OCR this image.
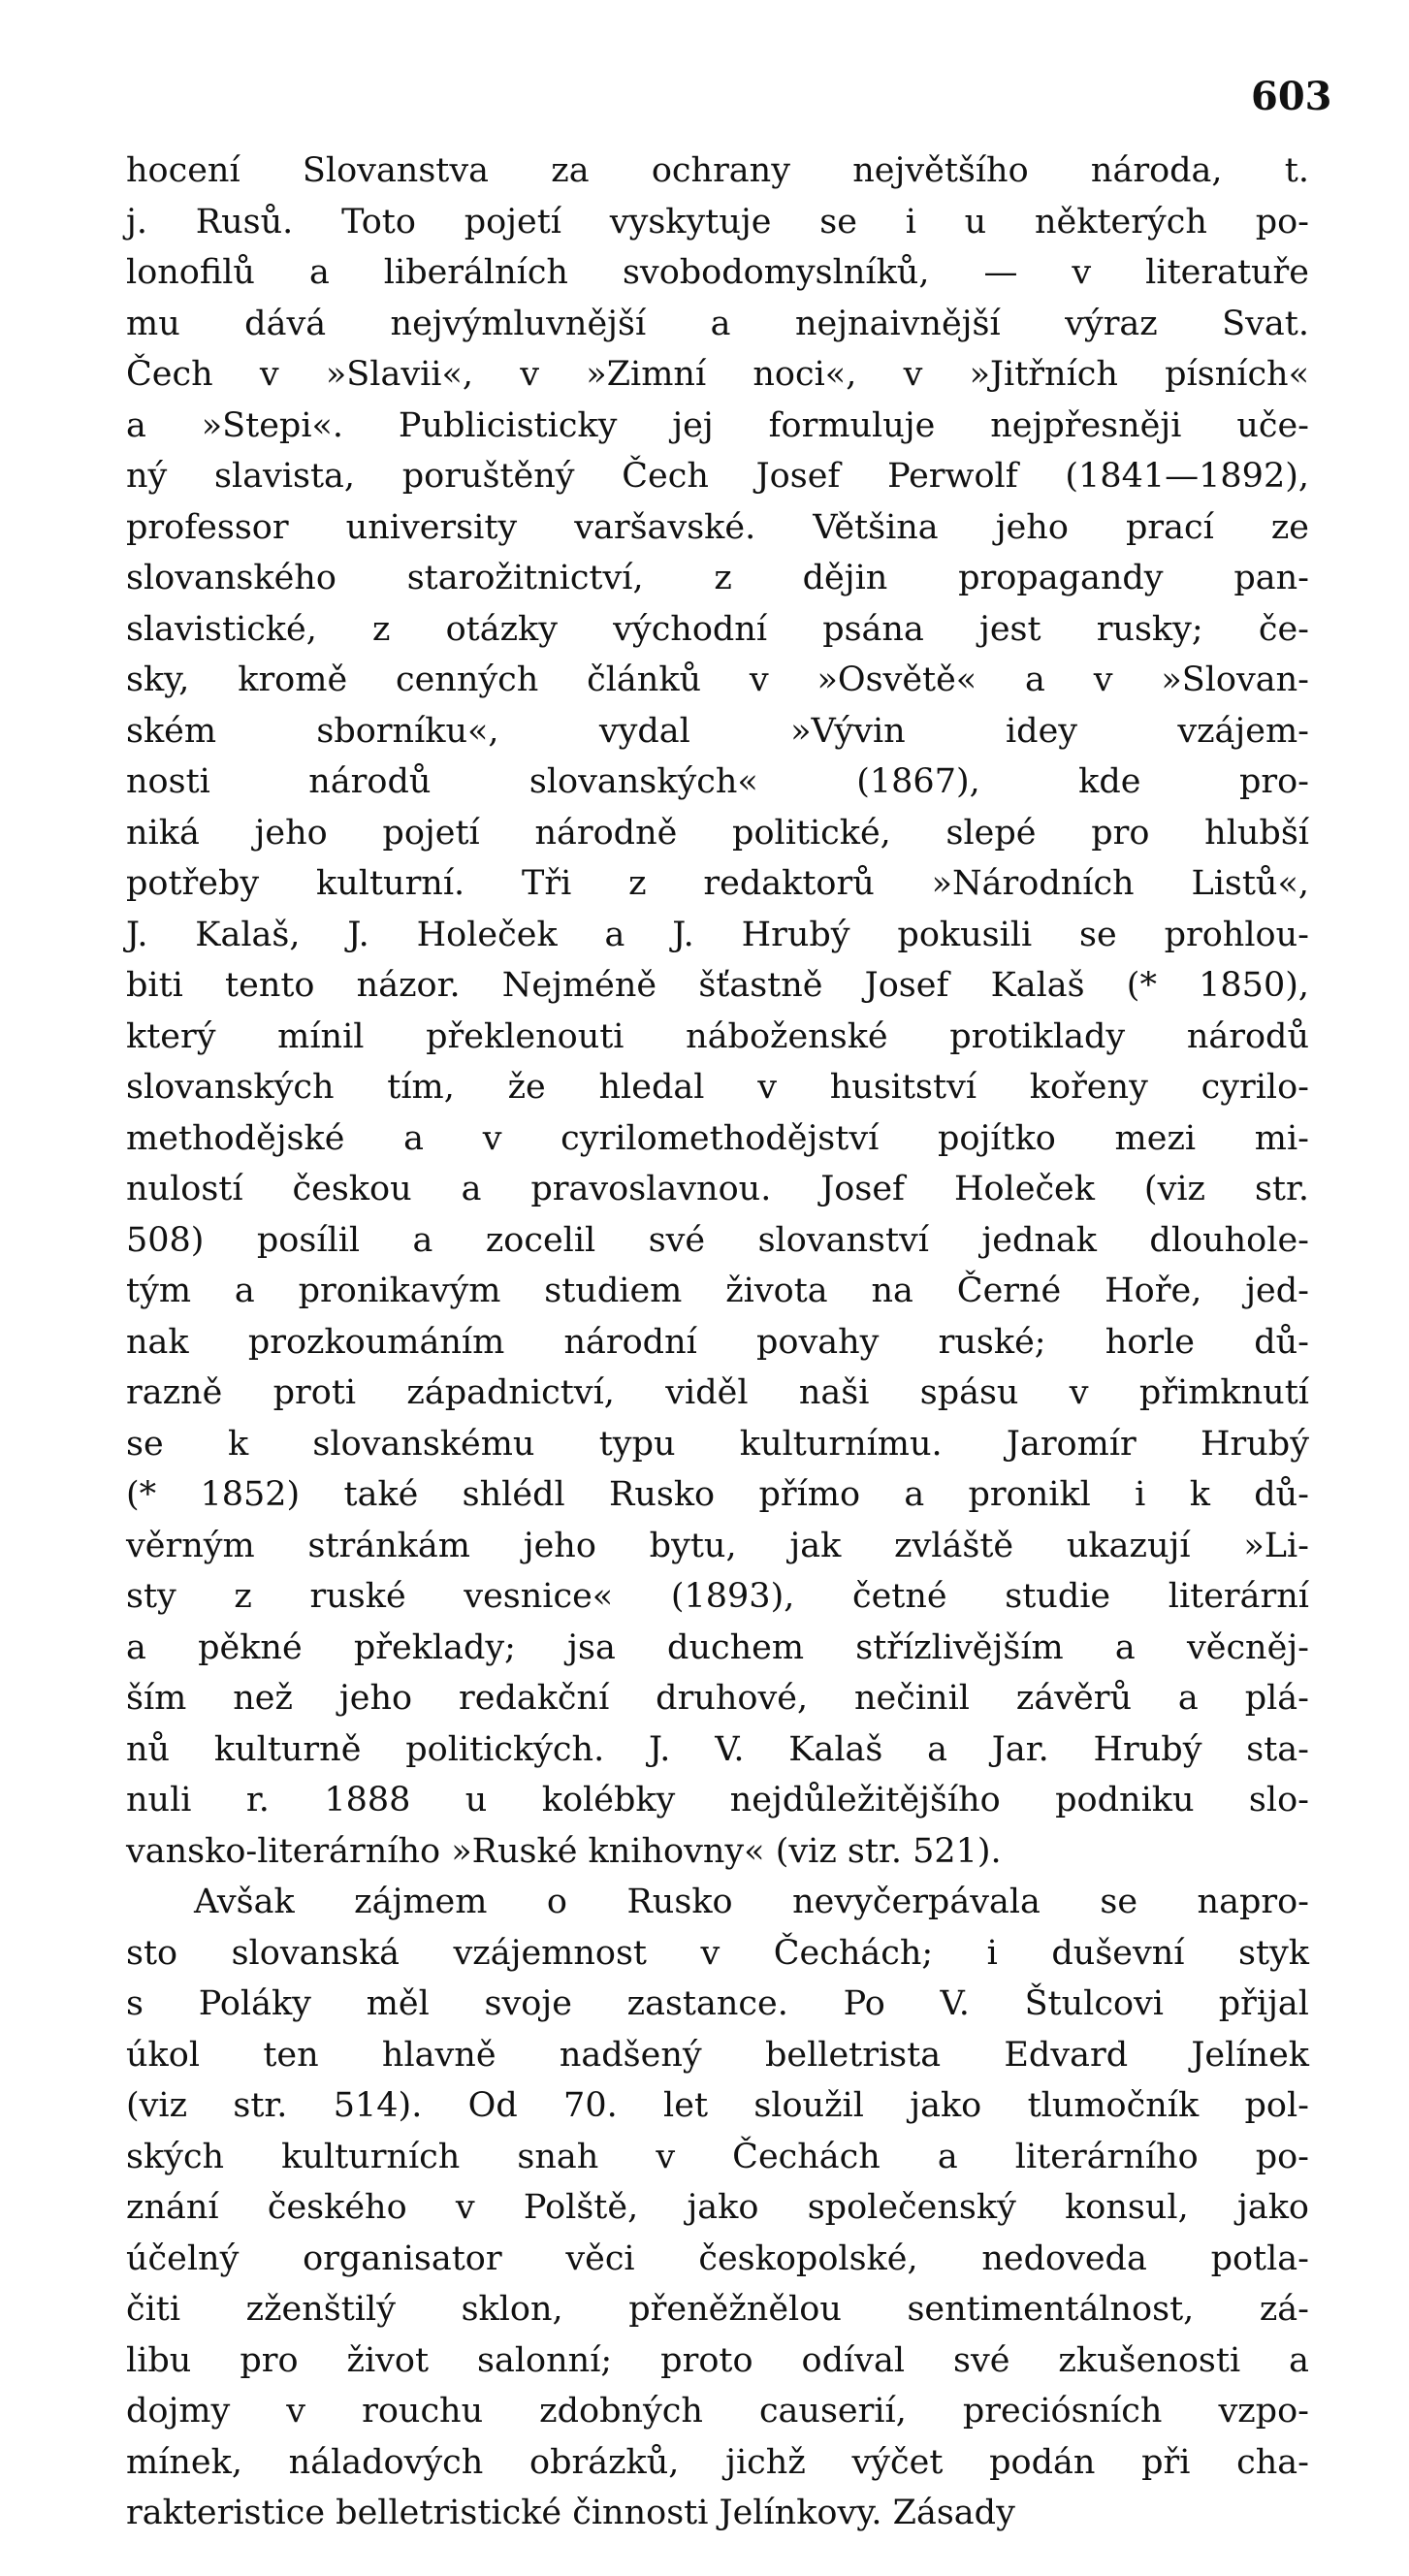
603
hocení Slovanstva za ochrany největšího národa, t.
j. Rusů. Toto pojetí vyskytuje se i u některých po-
lonofilů a liberálních svobodomyslníků, — v literatuře
mu dává nejvýmluvnější a nejnaivnější výraz Svat.
Čech v »Slavii«, v »Zimní noci«, v »Jitřních písních«
a »Stepi«. Publicisticky jej formuluje nejpřesněji uče-
ný slavista, poruštěný Čech Josef Perwolf (1841—1892),
professor university varšavské. Většina jeho prací ze
slovanského starožitnictví, z dějin propagandy pan-
slavistické, z otázky východní psána jest rusky; če-
sky, kromě cenných článků v »Osvětě« a v »Slovan-
ském sborníku«, vydal »Vývin idey vzájem-
nosti národů slovanských« (1867), kde pro-
niká jeho pojetí národně politické, slepé pro hlubší
potřeby kulturní. Tři z redaktorů »Národních Listů«,
J. Kalaš, J. Holeček a J. Hrubý pokusili se prohlou-
biti tento názor. Nejméně šťastně Josef Kalaš (* 1850),
který mínil překlenouti náboženské protiklady národů
slovanských tím, že hledal v husitství kořeny cyrilo-
methodějské a v cyrilomethodějství pojítko mezi mi-
nulostí českou a pravoslavnou. Josef Holeček (viz str.
508) posílil a zocelil své slovanství jednak dlouhole-
tým a pronikavým studiem života na Černé Hoře, jed-
nak prozkoumáním národní povahy ruské; horle dů-
razně proti západnictví, viděl naši spásu v přimknutí
se k slovanskému typu kulturnímu. Jaromír Hrubý
(* 1852) také shlédl Rusko přímo a pronikl i k dů-
věrným stránkám jeho bytu, jak zvláště ukazují »Li-
sty z ruské vesnice« (1893), četné studie literární
a pěkné překlady; jsa duchem střízlivějším a věcněj-
ším než jeho redakční druhové, nečinil závěrů a plá-
nů kulturně politických. J. V. Kalaš a Jar. Hrubý sta-
nuli r. 1888 u kolébky nejdůležitějšího podniku slo-
vansko-literárního »Ruské knihovny« (viz str. 521).
Avšak zájmem o Rusko nevyčerpávala se napro-
sto slovanská vzájemnost v Čechách; i duševní styk
s Poláky měl svoje zastance. Po V. Štulcovi přijal
úkol ten hlavně nadšený belletrista Edvard Jelínek
(viz str. 514). Od 70. let sloužil jako tlumočník pol-
ských kulturních snah v Čechách a literárního po-
znání českého v Polště, jako společenský konsul, jako
účelný organisator věci českopolské, nedoveda potla-
čiti zženštilý sklon, přeněžnělou sentimentálnost, zá-
libu pro život salonní; proto odíval své zkušenosti a
dojmy v rouchu zdobných causerií, preciósních vzpo-
mínek, náladových obrázků, jichž výčet podán při cha-
rakteristice belletristické činnosti Jelínkovy. Zásady
